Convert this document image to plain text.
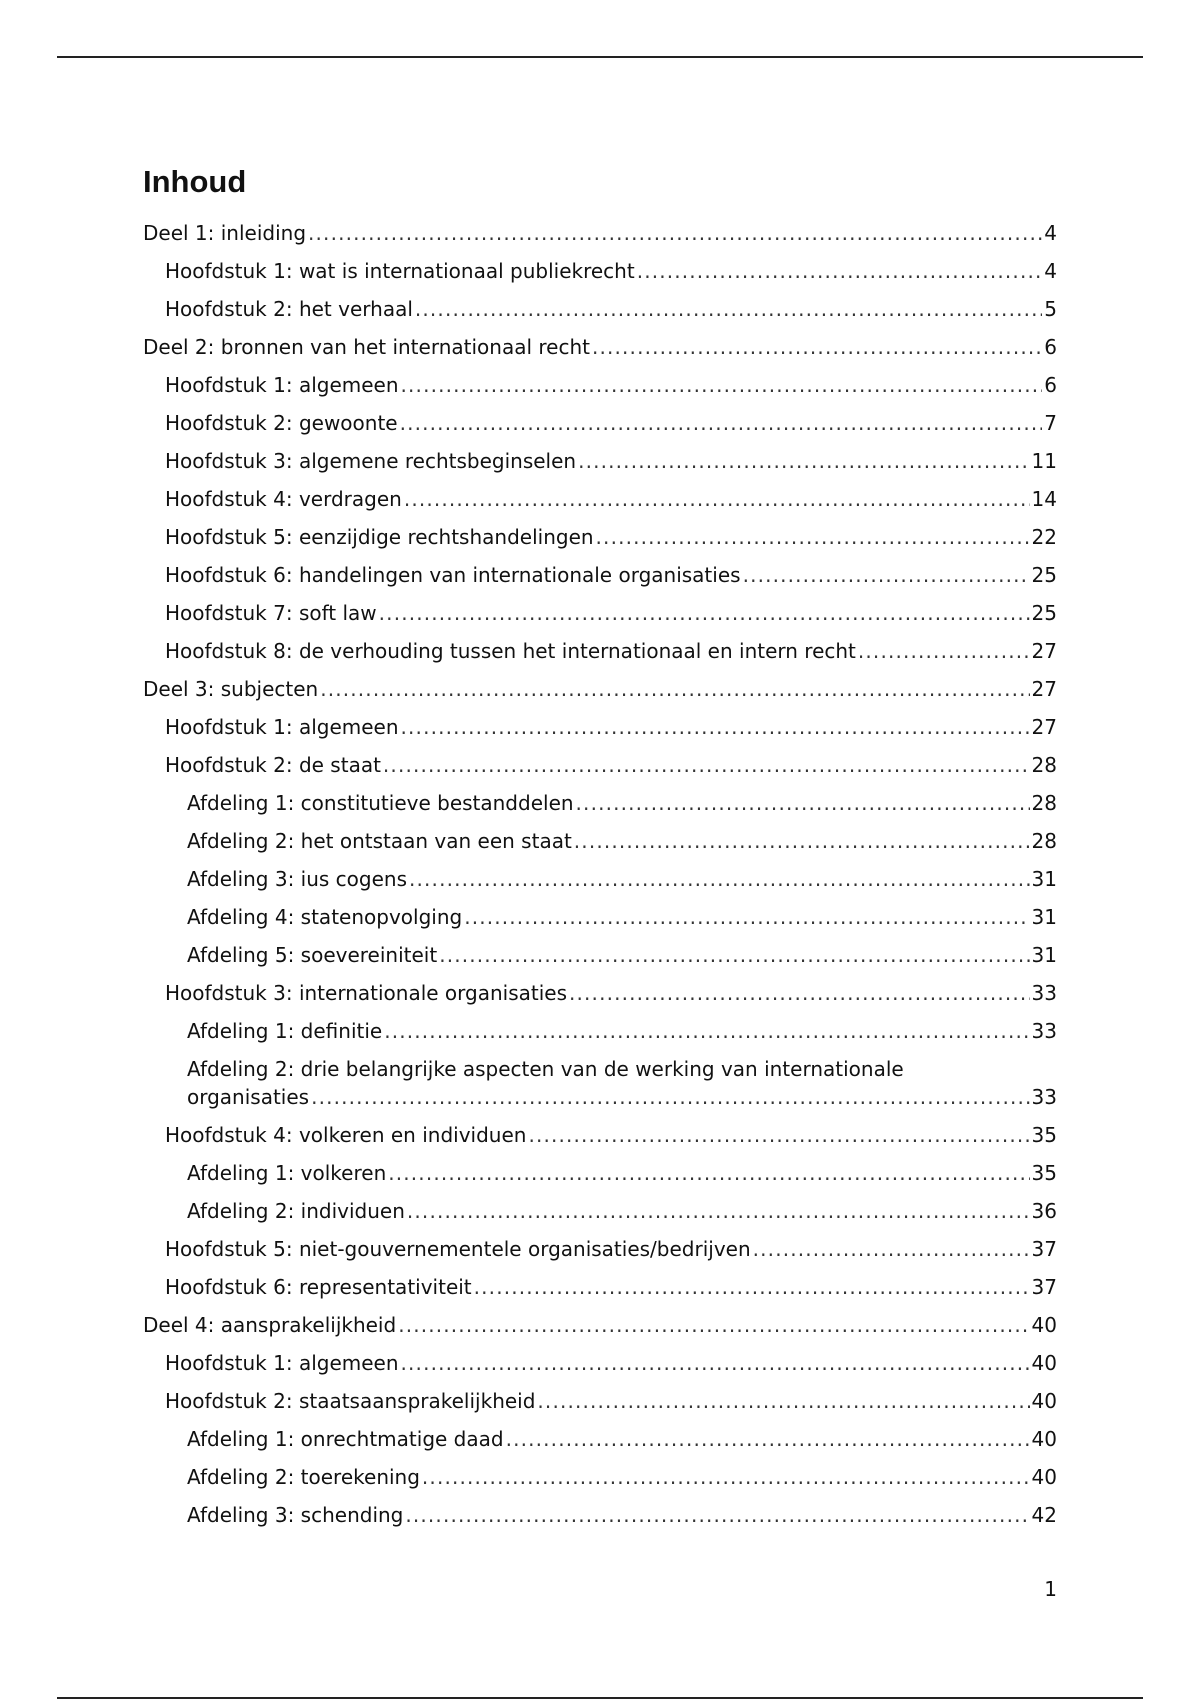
Inhoud
Deel 1: inleiding . . .	4
Hoofdstuk 1: wat is internationaal publiekrecht . . .	4
Hoofdstuk 2: het verhaal . . .	5
Deel 2: bronnen van het internationaal recht . . .	6
Hoofdstuk 1: algemeen . . .	6
Hoofdstuk 2: gewoonte . . .	7
Hoofdstuk 3: algemene rechtsbeginselen . . .	11
Hoofdstuk 4: verdragen . . .	14
Hoofdstuk 5: eenzijdige rechtshandelingen . . .	22
Hoofdstuk 6: handelingen van internationale organisaties . . .	25
Hoofdstuk 7: soft law . . .	25
Hoofdstuk 8: de verhouding tussen het internationaal en intern recht . . .	27
Deel 3: subjecten . . .	27
Hoofdstuk 1: algemeen . . .	27
Hoofdstuk 2: de staat . . .	28
Afdeling 1: constitutieve bestanddelen . . .	28
Afdeling 2: het ontstaan van een staat . . .	28
Afdeling 3: ius cogens . . .	31
Afdeling 4: statenopvolging . . .	31
Afdeling 5: soevereiniteit . . .	31
Hoofdstuk 3: internationale organisaties . . .	33
Afdeling 1: definitie . . .	33
Afdeling 2: drie belangrijke aspecten van de werking van internationale
organisaties . . .	33
Hoofdstuk 4: volkeren en individuen . . .	35
Afdeling 1: volkeren . . .	35
Afdeling 2: individuen . . .	36
Hoofdstuk 5: niet-gouvernementele organisaties/bedrijven . . .	37
Hoofdstuk 6: representativiteit . . .	37
Deel 4: aansprakelijkheid . . .	40
Hoofdstuk 1: algemeen . . .	40
Hoofdstuk 2: staatsaansprakelijkheid . . .	40
Afdeling 1: onrechtmatige daad . . .	40
Afdeling 2: toerekening . . .	40
Afdeling 3: schending . . .	42
1
